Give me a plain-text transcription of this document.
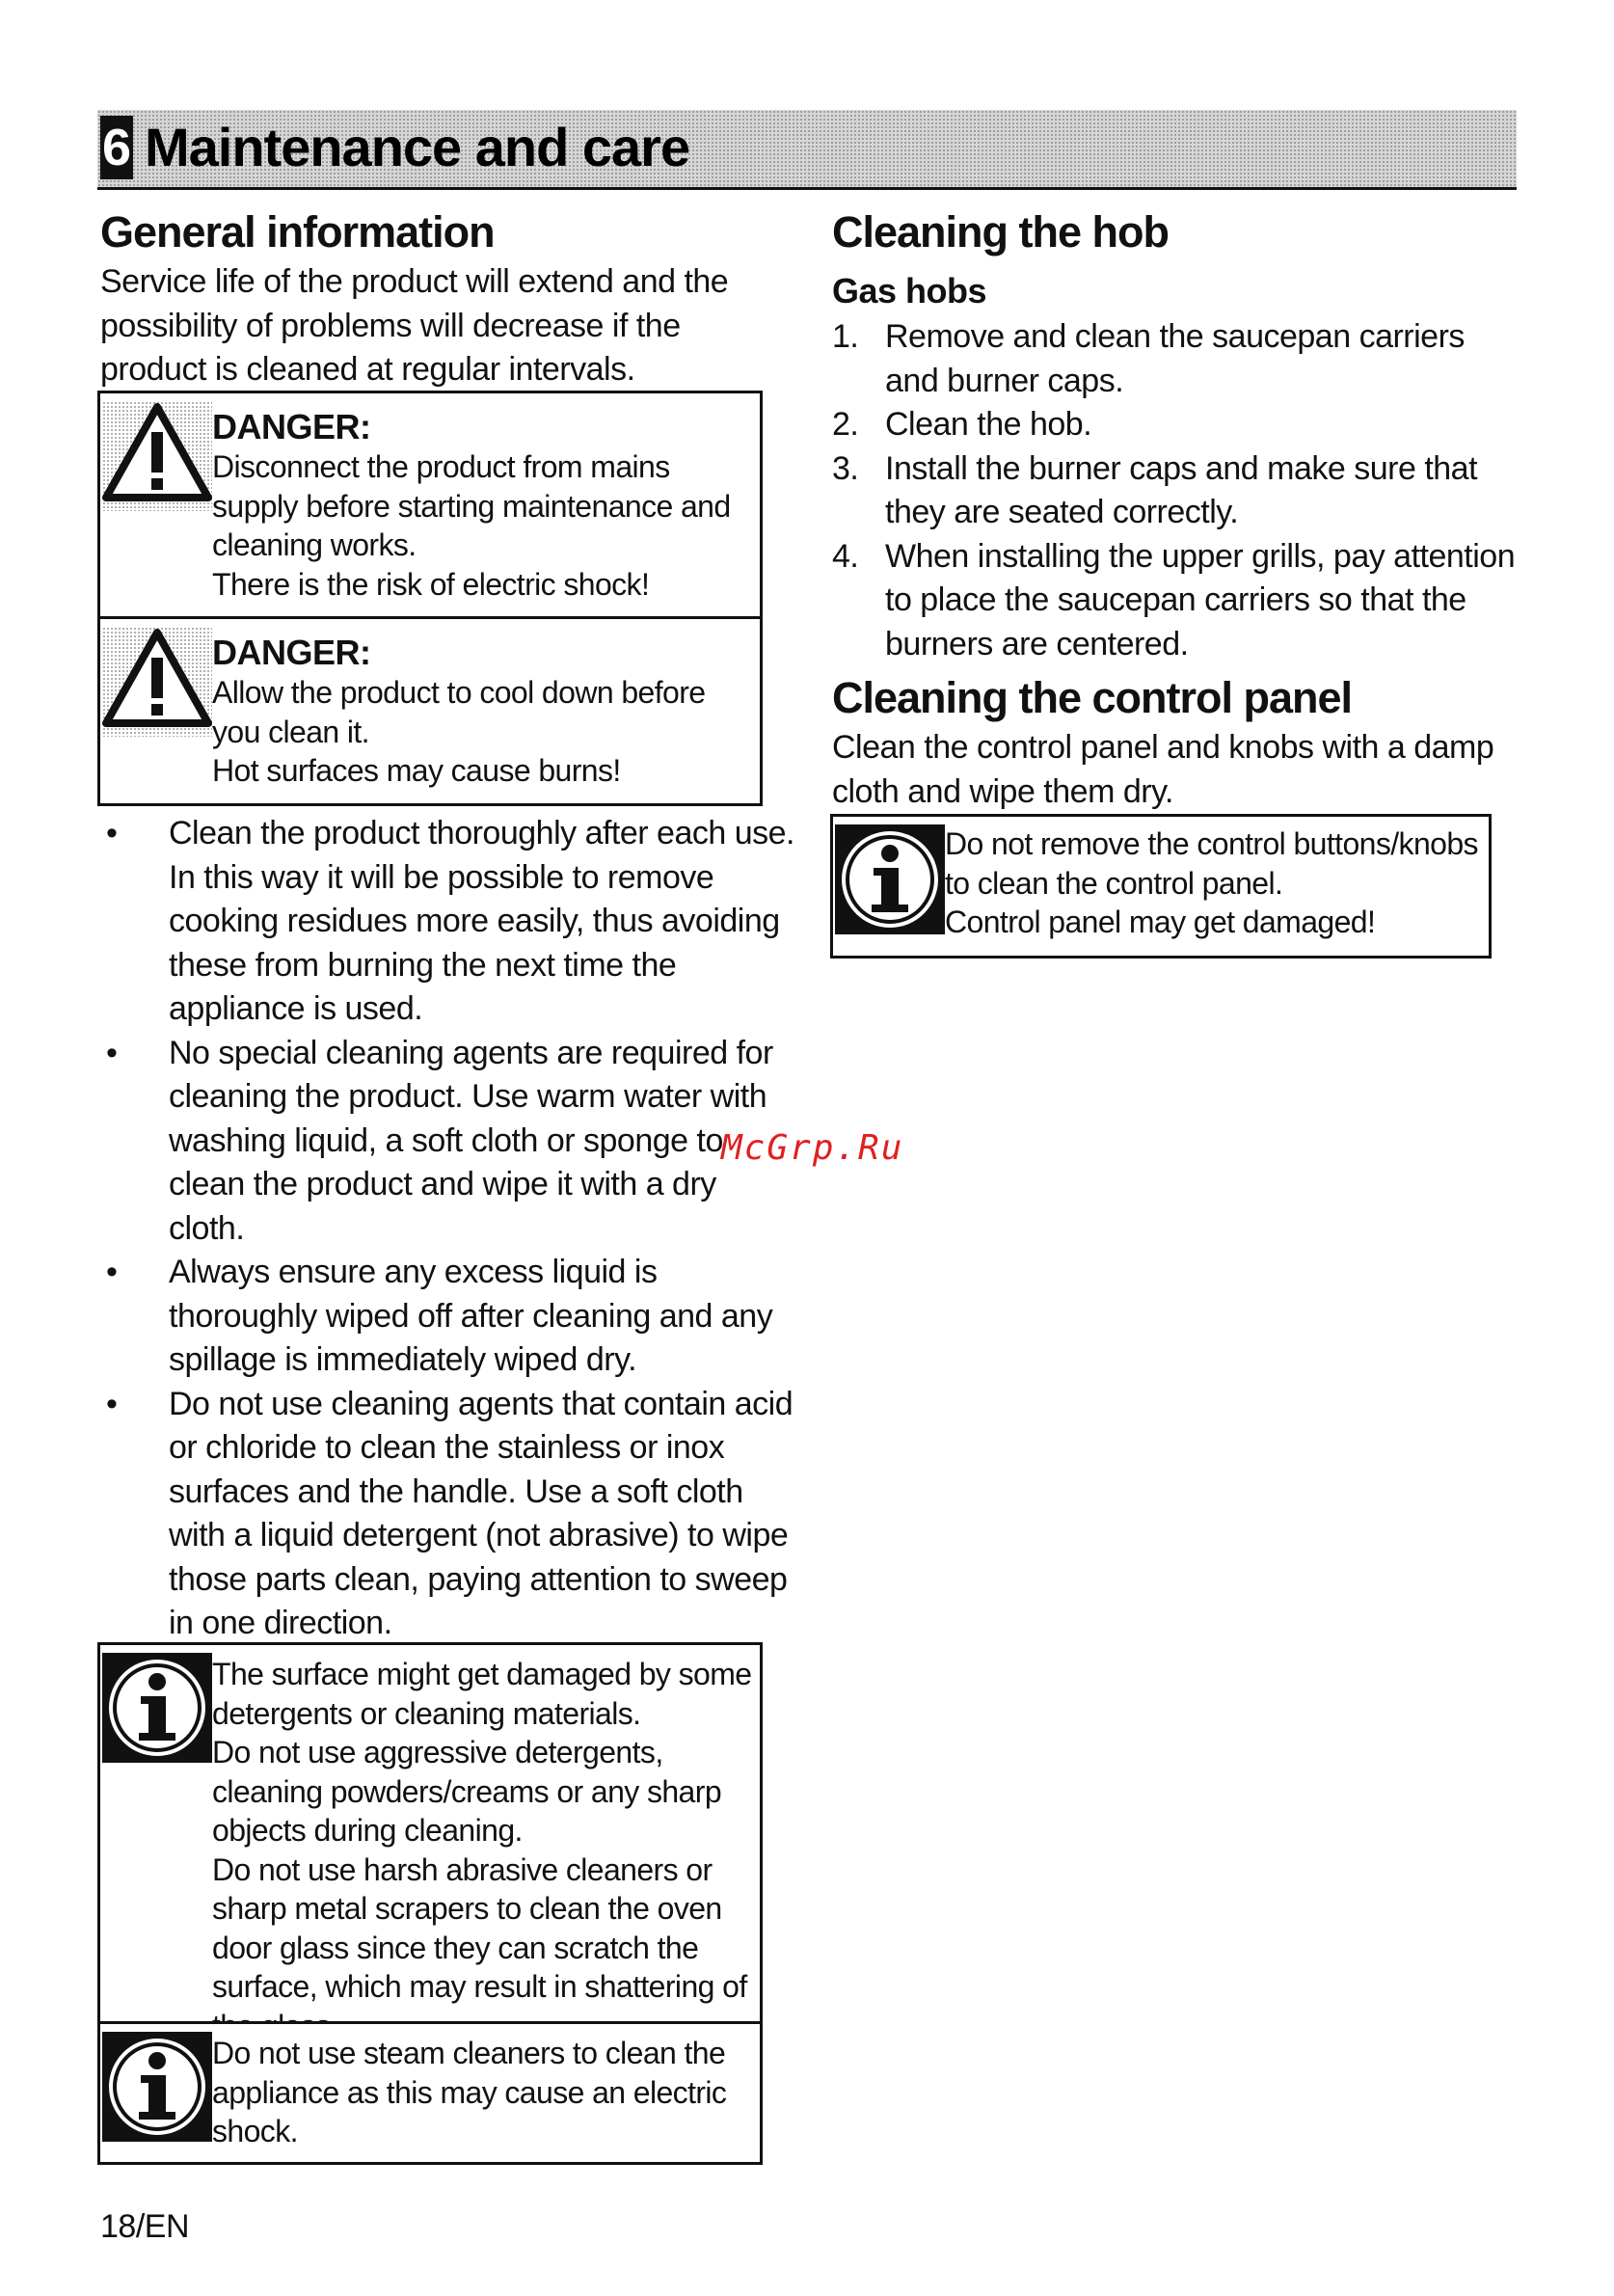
6 Maintenance and care
General information
Service life of the product will extend and the possibility of problems will decrease if the product is cleaned at regular intervals.
DANGER:
Disconnect the product from mains supply before starting maintenance and cleaning works.
There is the risk of electric shock!
DANGER:
Allow the product to cool down before you clean it.
Hot surfaces may cause burns!
• Clean the product thoroughly after each use. In this way it will be possible to remove cooking residues more easily, thus avoiding these from burning the next time the appliance is used.
• No special cleaning agents are required for cleaning the product. Use warm water with washing liquid, a soft cloth or sponge to clean the product and wipe it with a dry cloth.
• Always ensure any excess liquid is thoroughly wiped off after cleaning and any spillage is immediately wiped dry.
• Do not use cleaning agents that contain acid or chloride to clean the stainless or inox surfaces and the handle. Use a soft cloth with a liquid detergent (not abrasive) to wipe those parts clean, paying attention to sweep in one direction.
The surface might get damaged by some detergents or cleaning materials.
Do not use aggressive detergents, cleaning powders/creams or any sharp objects during cleaning.
Do not use harsh abrasive cleaners or sharp metal scrapers to clean the oven door glass since they can scratch the surface, which may result in shattering of
Do not use steam cleaners to clean the appliance as this may cause an electric shock.
Cleaning the hob
Gas hobs
1. Remove and clean the saucepan carriers and burner caps.
2. Clean the hob.
3. Install the burner caps and make sure that they are seated correctly.
4. When installing the upper grills, pay attention to place the saucepan carriers so that the burners are centered.
Cleaning the control panel
Clean the control panel and knobs with a damp cloth and wipe them dry.
Do not remove the control buttons/knobs to clean the control panel.
Control panel may get damaged!
McGrp.Ru
18/EN
